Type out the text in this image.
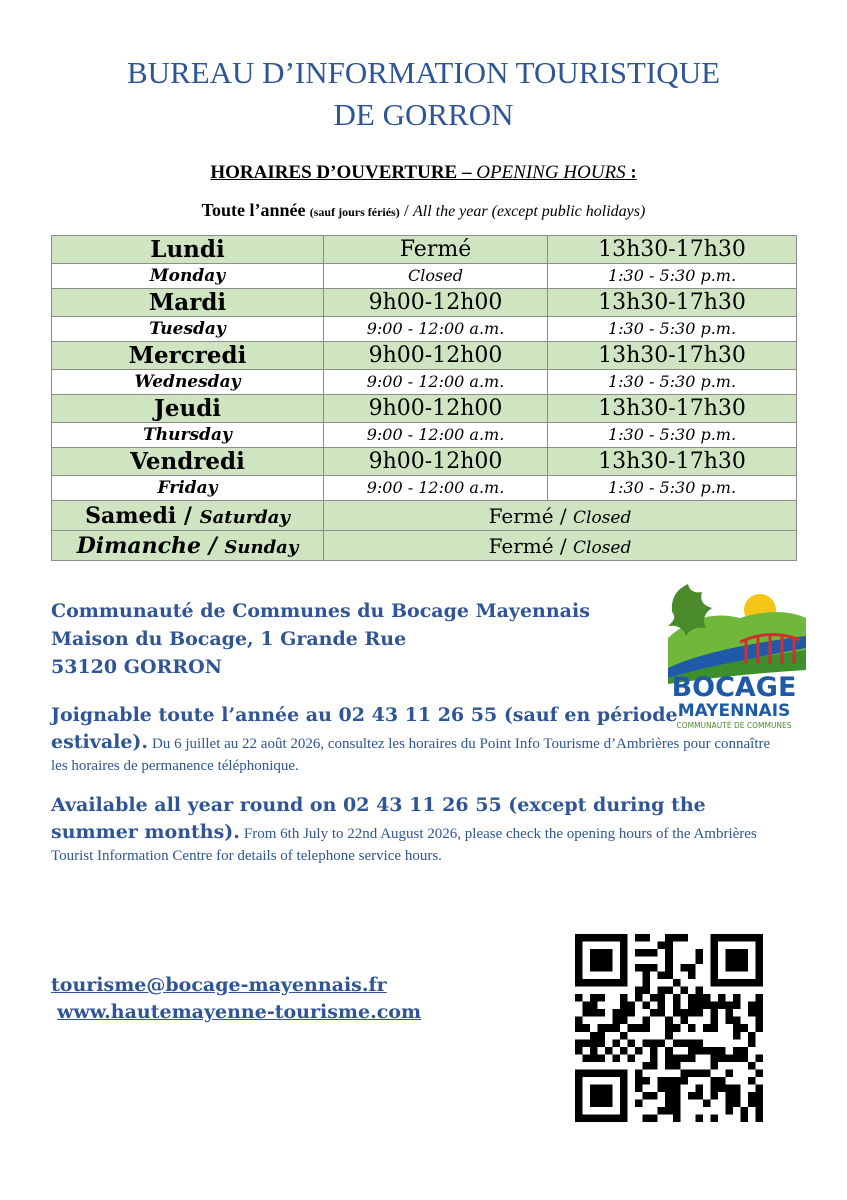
BUREAU D’INFORMATION TOURISTIQUE
DE GORRON
HORAIRES D’OUVERTURE – OPENING HOURS :
Toute l’année (sauf jours fériés) / All the year (except public holidays)
Lundi	Fermé	13h30-17h30
Monday	Closed	1:30 - 5:30 p.m.
Mardi	9h00-12h00	13h30-17h30
Tuesday	9:00 - 12:00 a.m.	1:30 - 5:30 p.m.
Mercredi	9h00-12h00	13h30-17h30
Wednesday	9:00 - 12:00 a.m.	1:30 - 5:30 p.m.
Jeudi	9h00-12h00	13h30-17h30
Thursday	9:00 - 12:00 a.m.	1:30 - 5:30 p.m.
Vendredi	9h00-12h00	13h30-17h30
Friday	9:00 - 12:00 a.m.	1:30 - 5:30 p.m.
Samedi / Saturday	Fermé / Closed	
Dimanche / Sunday	Fermé / Closed	
Communauté de Communes du Bocage Mayennais
Maison du Bocage, 1 Grande Rue
53120 GORRON
BOCAGE
MAYENNAIS
COMMUNAUTÉ DE COMMUNES
Joignable toute l’année au 02 43 11 26 55 (sauf en période estivale). Du 6 juillet au 22 août 2026, consultez les horaires du Point Info Tourisme d’Ambrières pour connaître les horaires de permanence téléphonique.
Available all year round on 02 43 11 26 55 (except during the summer months). From 6th July to 22nd August 2026, please check the opening hours of the Ambrières Tourist Information Centre for details of telephone service hours.
tourisme@bocage-mayennais.fr
www.hautemayenne-tourisme.com
